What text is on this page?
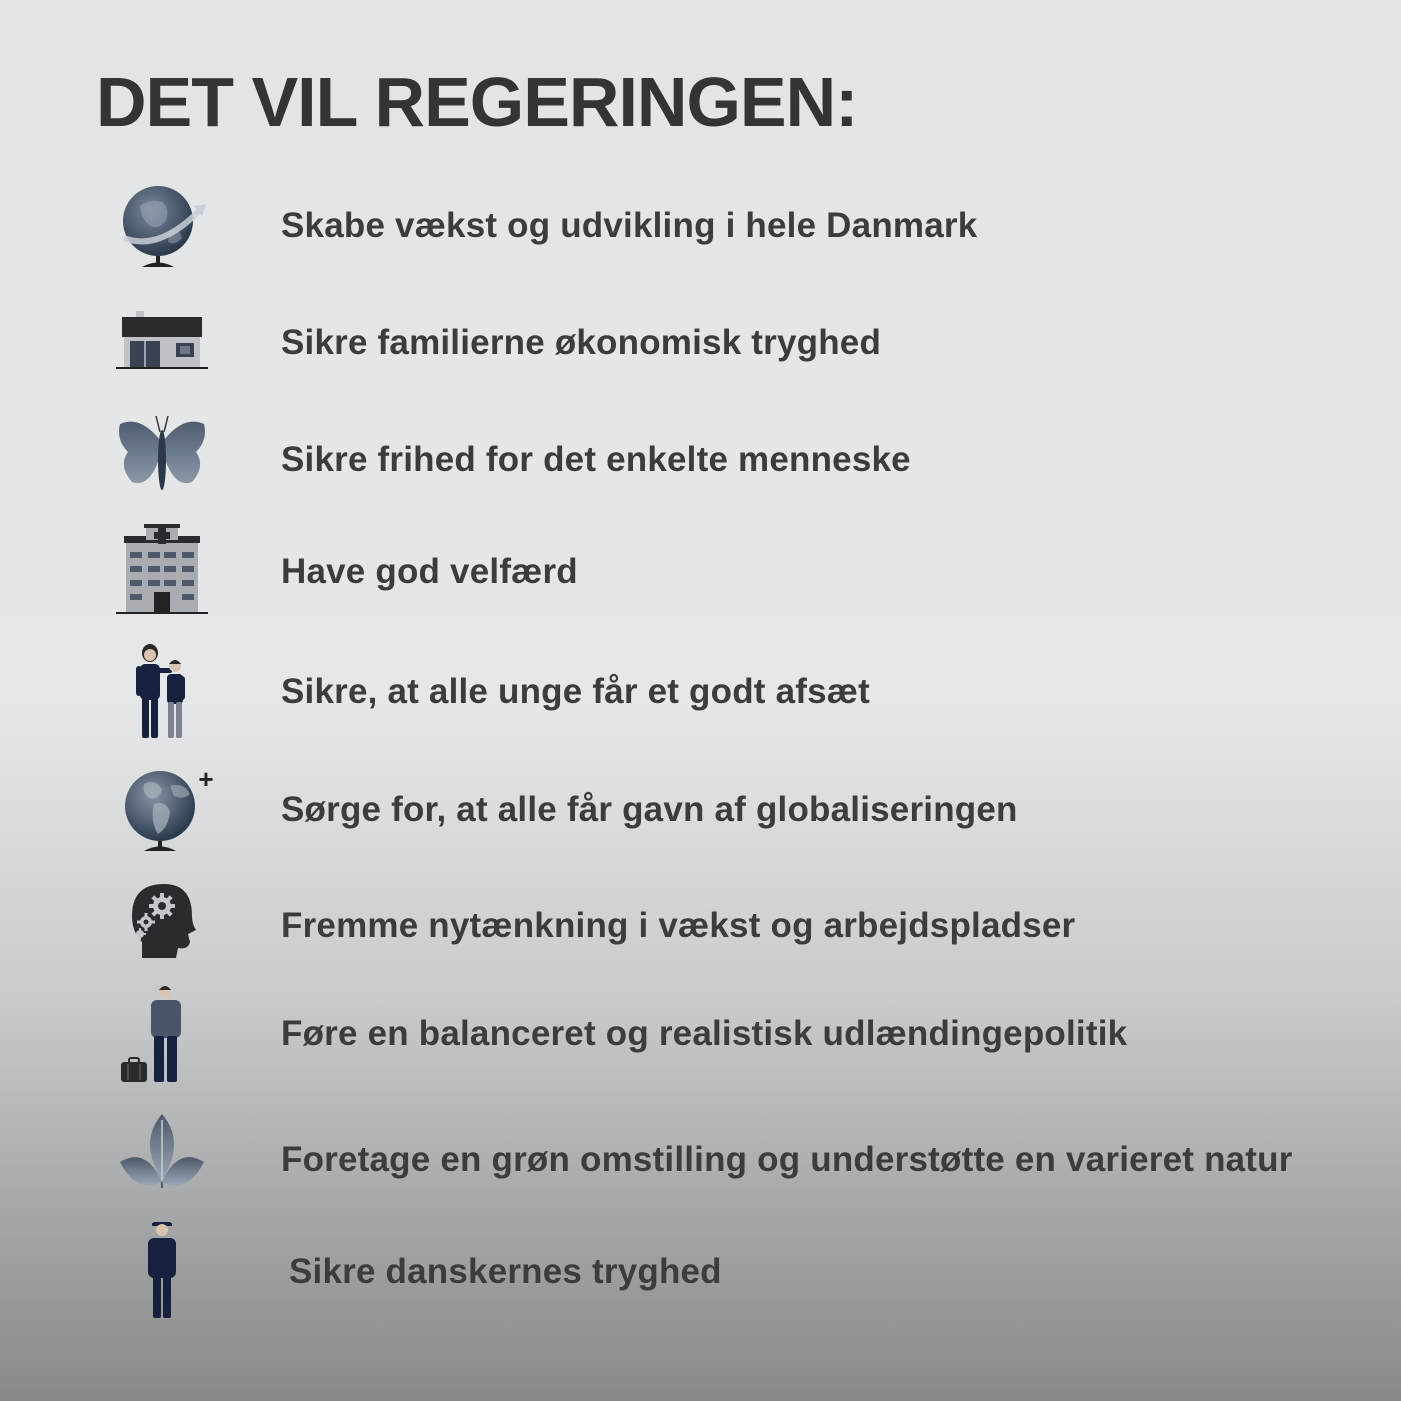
DET VIL REGERINGEN:
Skabe vækst og udvikling i hele Danmark
Sikre familierne økonomisk tryghed
Sikre frihed for det enkelte menneske
Have god velfærd
Sikre, at alle unge får et godt afsæt
+
Sørge for, at alle får gavn af globaliseringen
Fremme nytænkning i vækst og arbejdspladser
Føre en balanceret og realistisk udlændingepolitik
Foretage en grøn omstilling og understøtte en varieret natur
Sikre danskernes tryghed
